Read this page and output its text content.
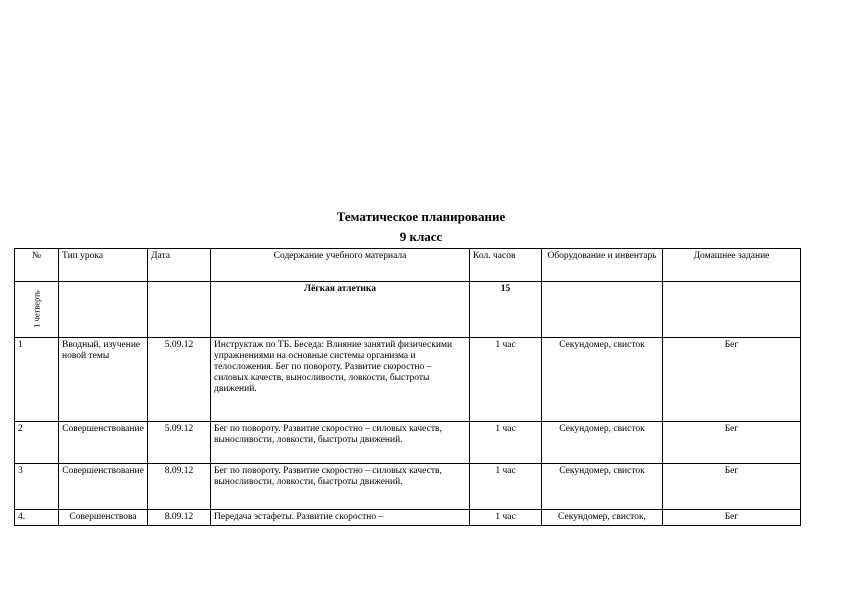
Тематическое планирование
9 класс
№	Тип урока	Дата	Содержание учебного материала	Кол. часов	Оборудование и инвентарь	Домашнее задание

1 четверть			Лёгкая атлетика	15		
1	Вводный, изучение новой темы	5.09.12	Инструктаж по ТБ. Беседа: Влияние занятий физическими упражнениями на основные системы организма и телосложения. Бег по повороту. Развитие скоростно – силовых качеств, выносливости, ловкости, быстроты движений.	1 час	Секундомер, свисток	Бег
2	Совершенствование	5.09.12	Бег по повороту. Развитие скоростно – силовых качеств, выносливости, ловкости, быстроты движений.	1 час	Секундомер, свисток	Бег
3	Совершенствование	8.09.12	Бег по повороту. Развитие скоростно – силовых качеств, выносливости, ловкости, быстроты движений.	1 час	Секундомер, свисток	Бег
4.	Совершенствова	8.09.12	Передача эстафеты. Развитие скоростно –	1 час	Секундомер, свисток,	Бег
